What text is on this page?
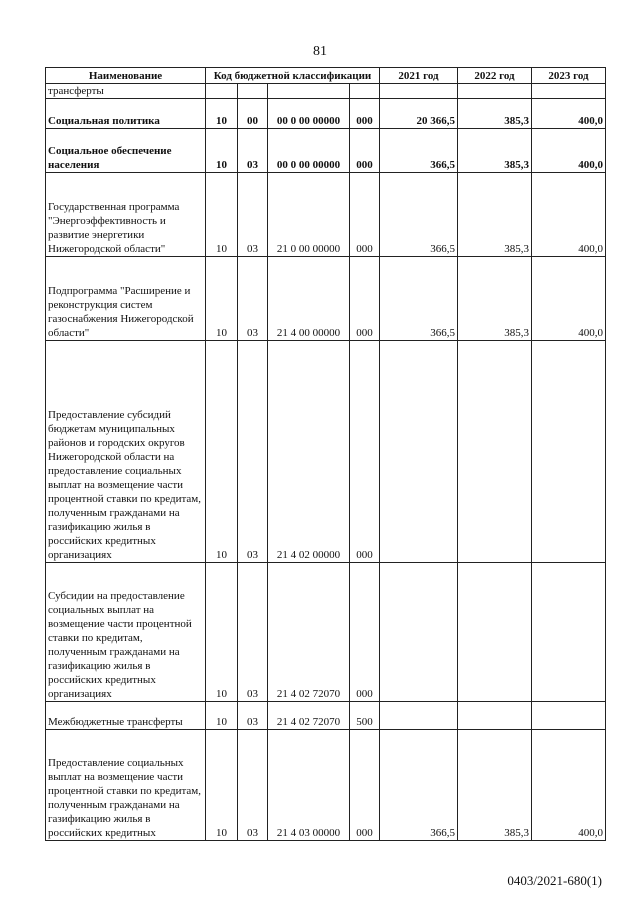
81
Наименование	Код бюджетной классификации				2021 год	2022 год	2023 год
трансферты							
Социальная политика	10	00	00 0 00 00000	000	20 366,5	385,3	400,0
Социальное обеспечение населения	10	03	00 0 00 00000	000	366,5	385,3	400,0
Государственная программа "Энергоэффективность и развитие энергетики Нижегородской области"	10	03	21 0 00 00000	000	366,5	385,3	400,0
Подпрограмма "Расширение и реконструкция систем газоснабжения Нижегородской области"	10	03	21 4 00 00000	000	366,5	385,3	400,0
Предоставление субсидий бюджетам муниципальных районов и городских округов Нижегородской области на предоставление социальных выплат на возмещение части процентной ставки по кредитам, полученным гражданами на газификацию жилья в российских кредитных организациях	10	03	21 4 02 00000	000			
Субсидии на предоставление социальных выплат на возмещение части процентной ставки по кредитам, полученным гражданами на газификацию жилья в российских кредитных организациях	10	03	21 4 02 72070	000			
Межбюджетные трансферты	10	03	21 4 02 72070	500			
Предоставление социальных выплат на возмещение части процентной ставки по кредитам, полученным гражданами на газификацию жилья в российских кредитных	10	03	21 4 03 00000	000	366,5	385,3	400,0
0403/2021-680(1)
